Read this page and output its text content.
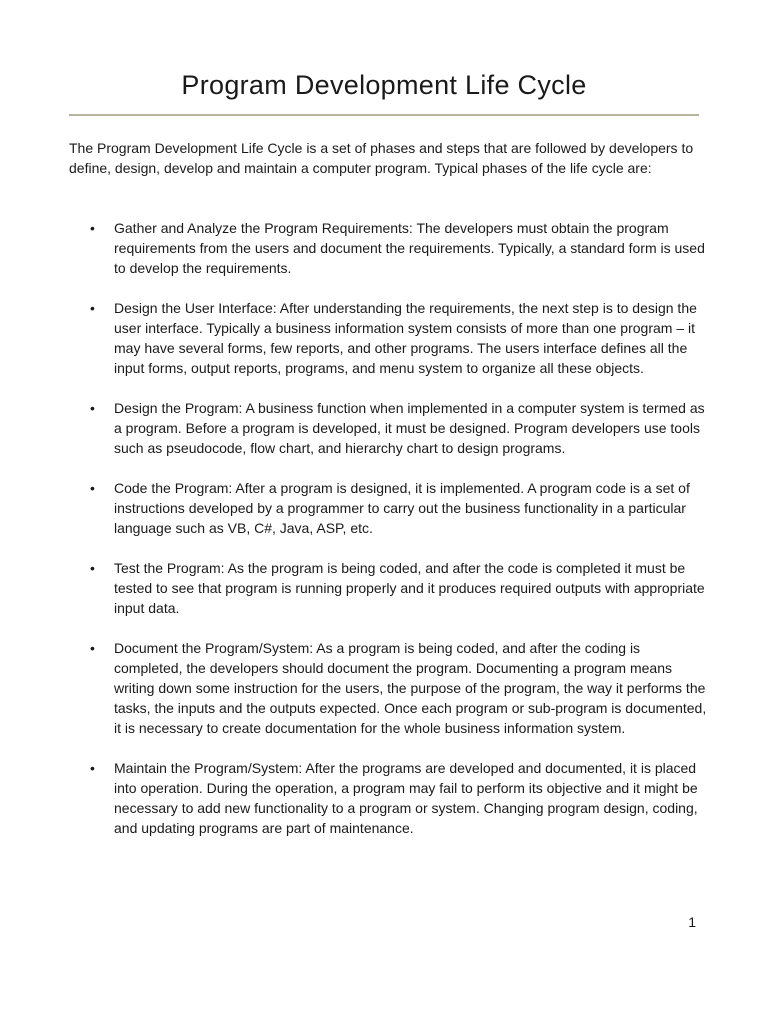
Program Development Life Cycle

The Program Development Life Cycle is a set of phases and steps that are followed by developers to define, design, develop and maintain a computer program. Typical phases of the life cycle are:

•	Gather and Analyze the Program Requirements: The developers must obtain the program requirements from the users and document the requirements. Typically, a standard form is used to develop the requirements.
•	Design the User Interface: After understanding the requirements, the next step is to design the user interface. Typically a business information system consists of more than one program – it may have several forms, few reports, and other programs. The users interface defines all the input forms, output reports, programs, and menu system to organize all these objects.
•	Design the Program: A business function when implemented in a computer system is termed as a program. Before a program is developed, it must be designed. Program developers use tools such as pseudocode, flow chart, and hierarchy chart to design programs.
•	Code the Program: After a program is designed, it is implemented. A program code is a set of instructions developed by a programmer to carry out the business functionality in a particular language such as VB, C#, Java, ASP, etc.
•	Test the Program: As the program is being coded, and after the code is completed it must be tested to see that program is running properly and it produces required outputs with appropriate input data.
•	Document the Program/System: As a program is being coded, and after the coding is completed, the developers should document the program. Documenting a program means writing down some instruction for the users, the purpose of the program, the way it performs the tasks, the inputs and the outputs expected. Once each program or sub-program is documented, it is necessary to create documentation for the whole business information system.
•	Maintain the Program/System: After the programs are developed and documented, it is placed into operation. During the operation, a program may fail to perform its objective and it might be necessary to add new functionality to a program or system. Changing program design, coding, and updating programs are part of maintenance.
1
